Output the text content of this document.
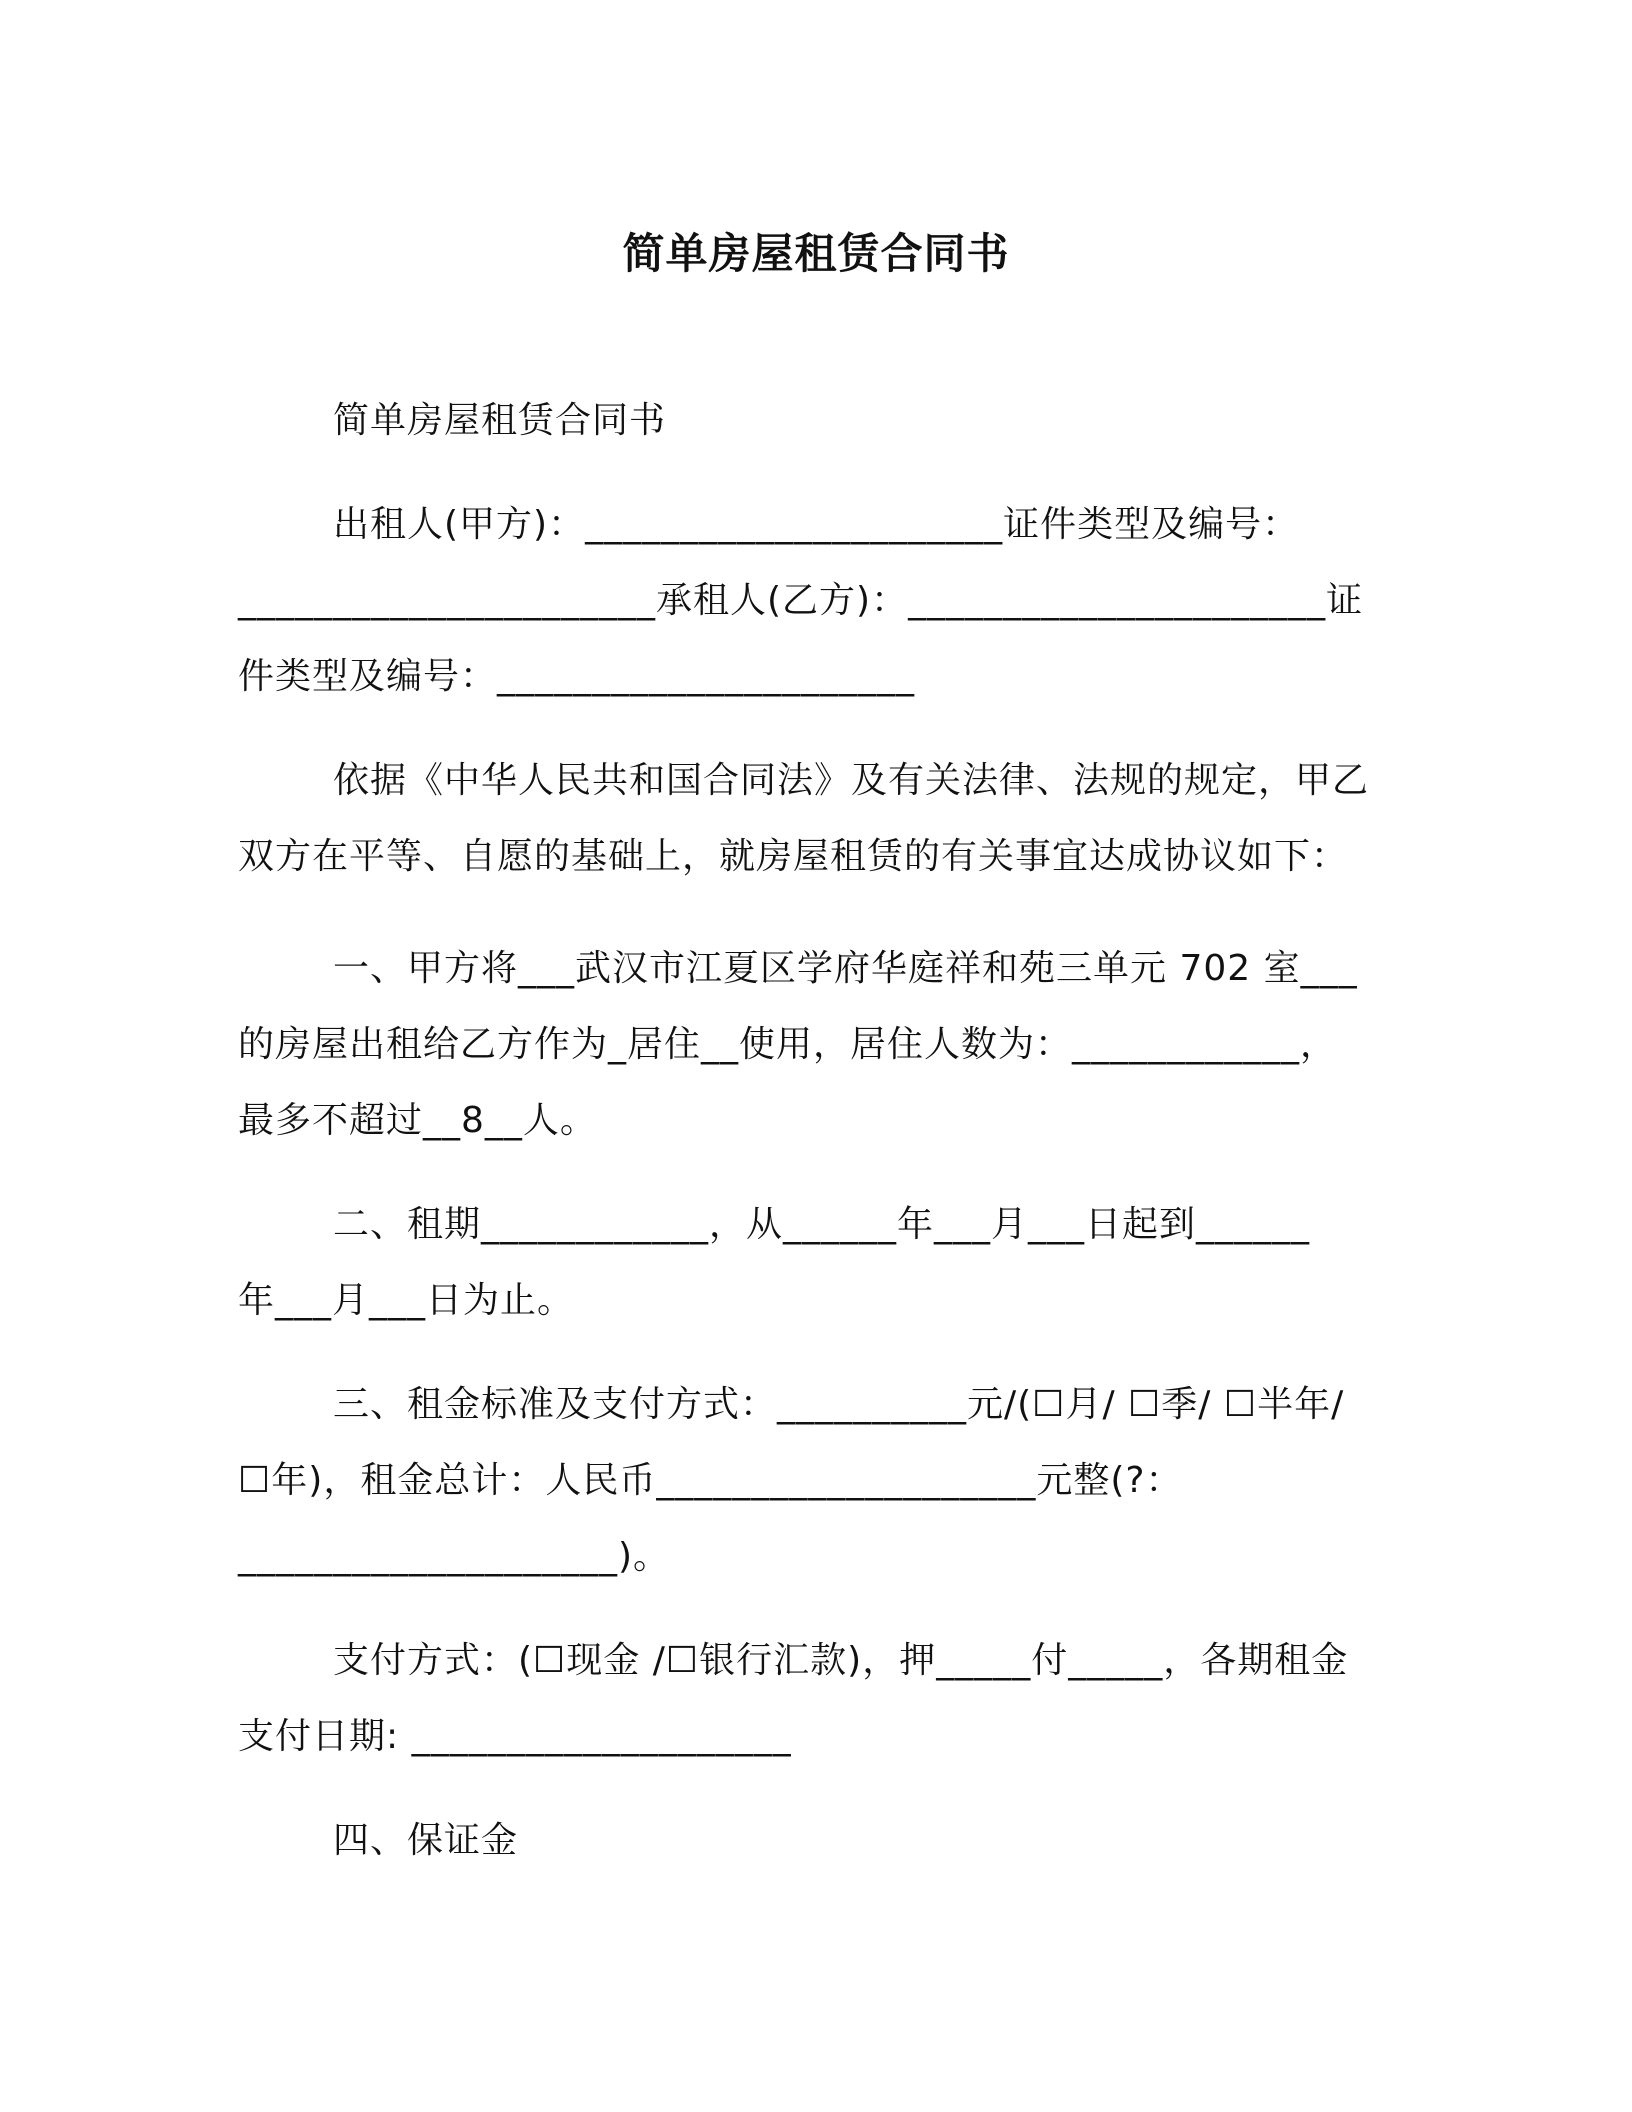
简单房屋租赁合同书
简单房屋租赁合同书
出租人(甲方)：______________________证件类型及编号：
______________________承租人(乙方)：______________________证
件类型及编号：______________________
依据《中华人民共和国合同法》及有关法律、法规的规定，甲乙
双方在平等、自愿的基础上，就房屋租赁的有关事宜达成协议如下：
一、甲方将___武汉市江夏区学府华庭祥和苑三单元 702 室___
的房屋出租给乙方作为_居住__使用，居住人数为：____________，
最多不超过__8__人。
二、租期____________，从______年___月___日起到______
年___月___日为止。
三、租金标准及支付方式：__________元/(☐月/ ☐季/ ☐半年/
☐年)，租金总计：人民币____________________元整(?：
____________________)。
支付方式：(☐现金 /☐银行汇款)，押_____付_____，各期租金
支付日期: ____________________
四、保证金
